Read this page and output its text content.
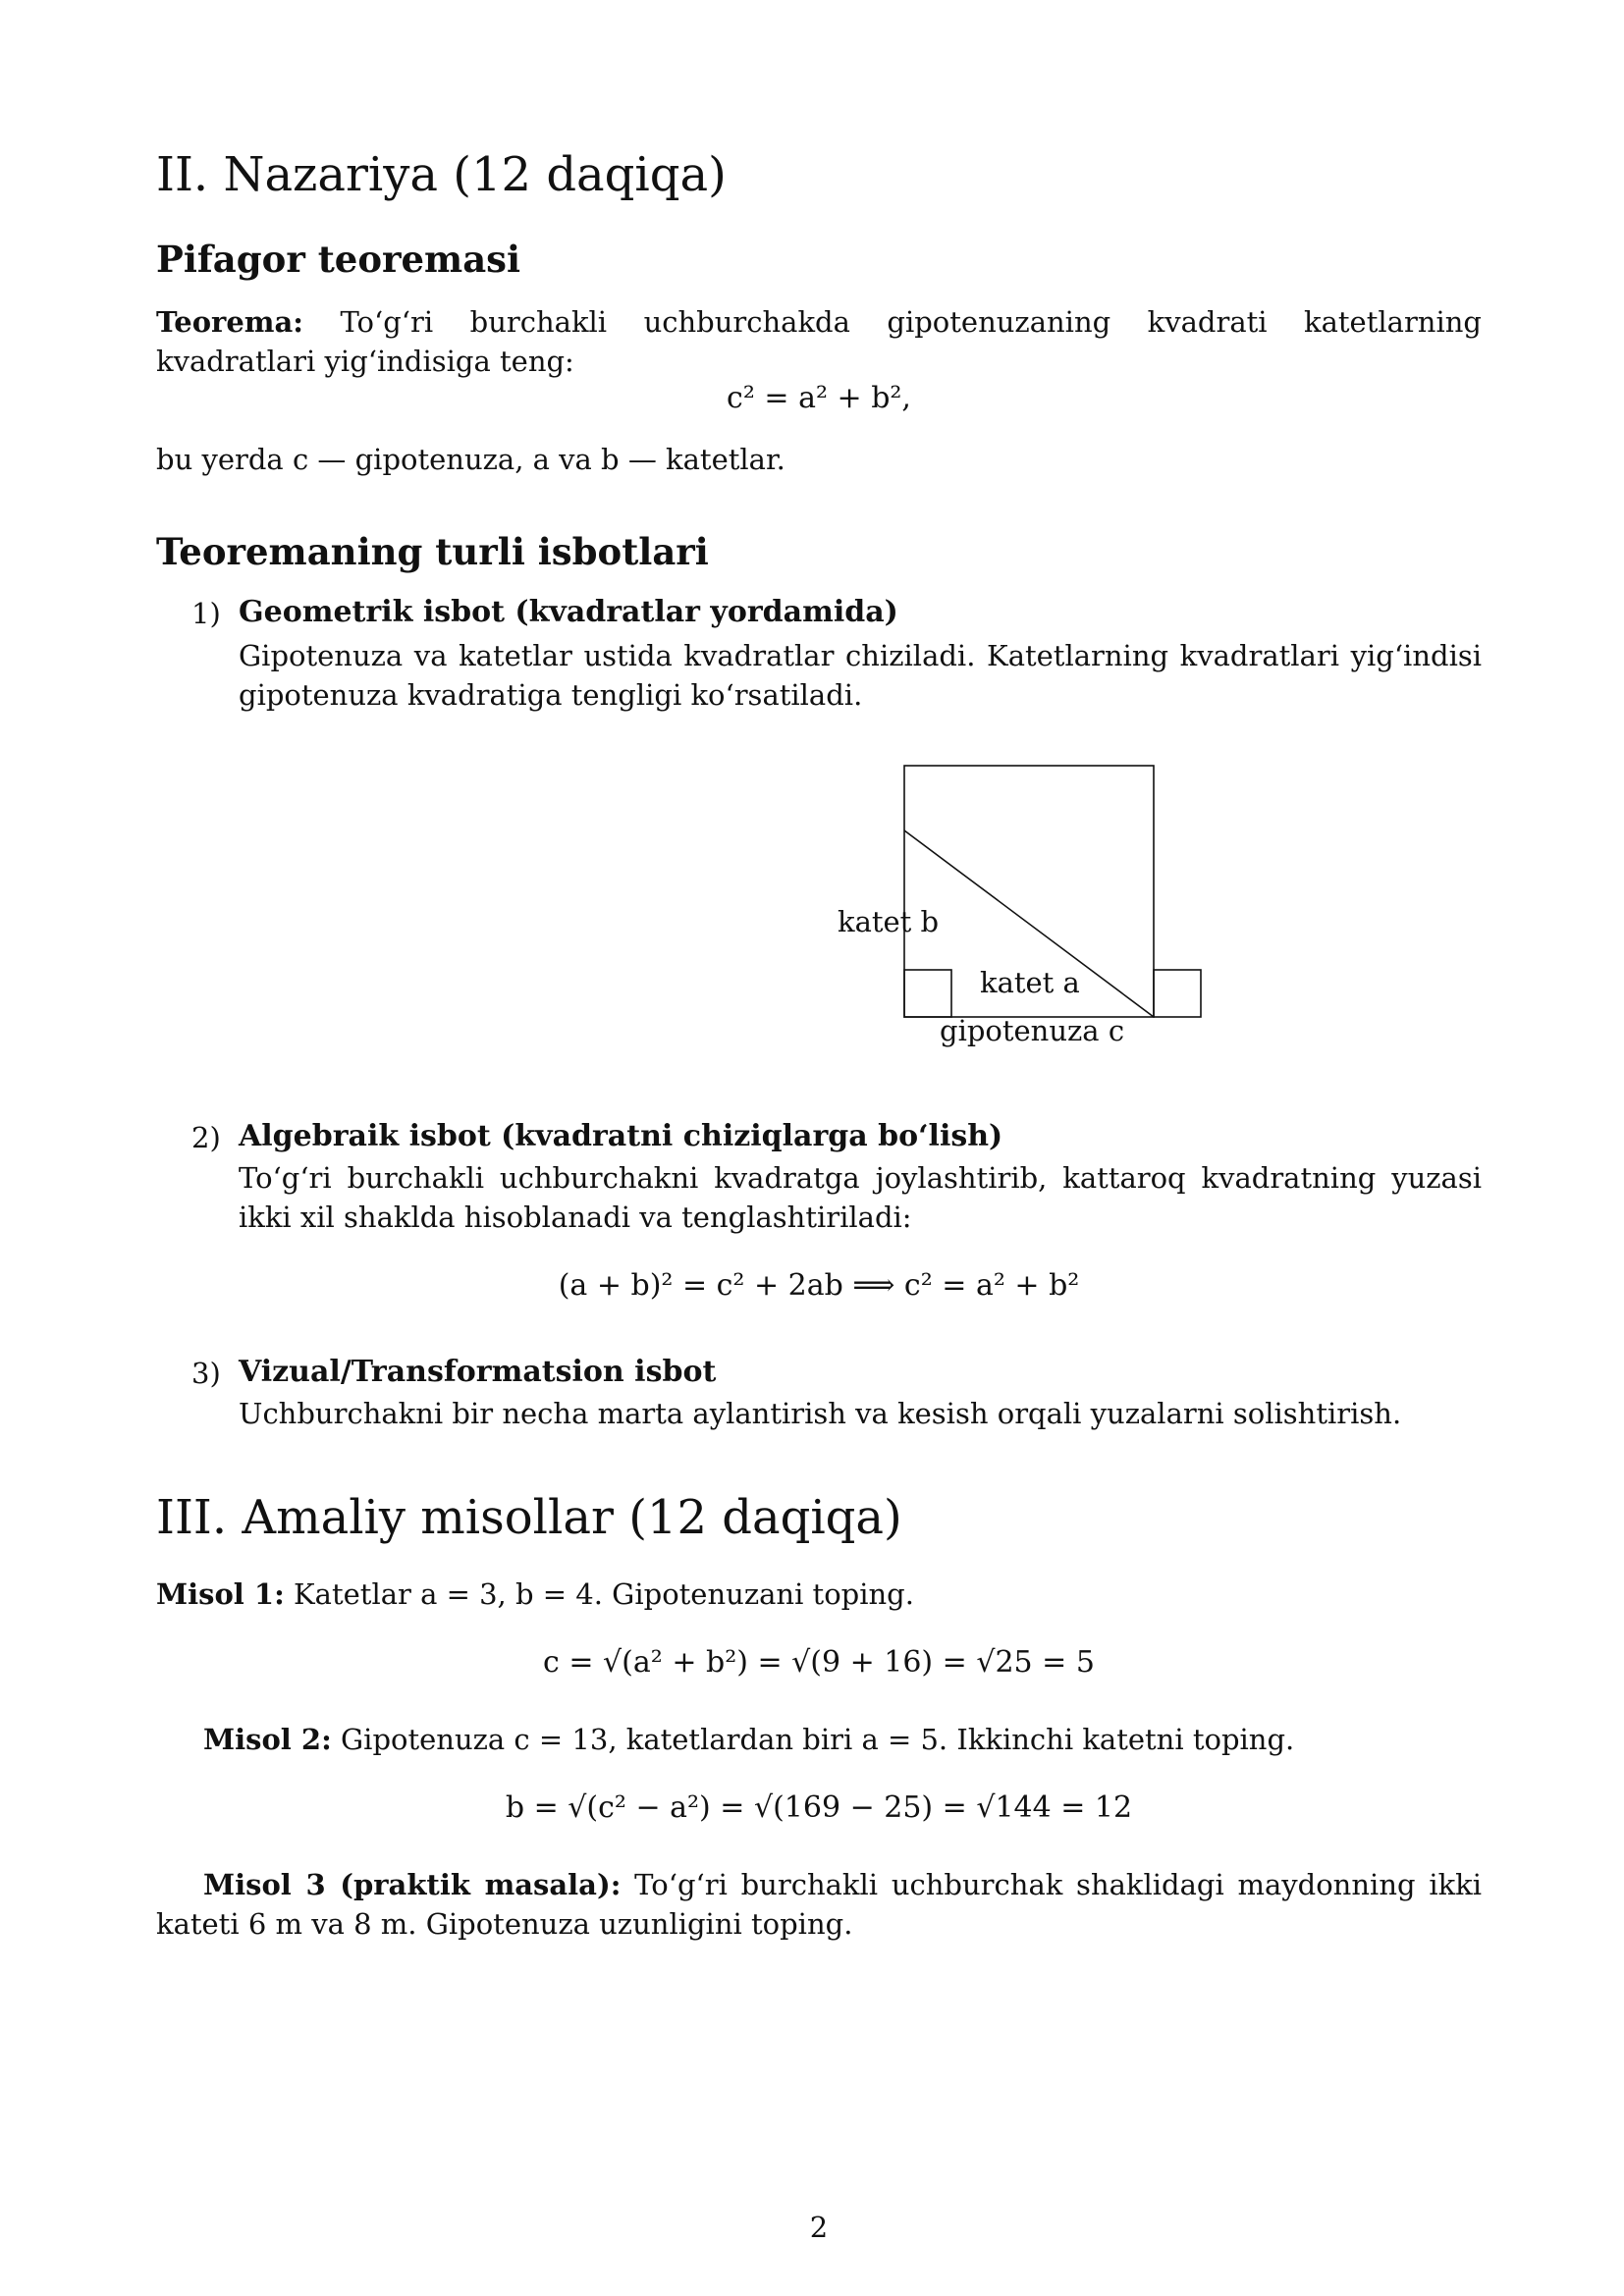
II. Nazariya (12 daqiqa)
Pifagor teoremasi
Teorema: To‘g‘ri burchakli uchburchakda gipotenuzaning kvadrati katetlarning kvadratlari yig‘indisiga teng:
c² = a² + b²,
bu yerda c — gipotenuza, a va b — katetlar.
Teoremaning turli isbotlari
1) Geometrik isbot (kvadratlar yordamida)
Gipotenuza va katetlar ustida kvadratlar chiziladi. Katetlarning kvadratlari yig‘indisi gipotenuza kvadratiga tengligi ko‘rsatiladi.
katet b
katet a
gipotenuza c
2) Algebraik isbot (kvadratni chiziqlarga bo‘lish)
To‘g‘ri burchakli uchburchakni kvadratga joylashtirib, kattaroq kvadratning yuzasi ikki xil shaklda hisoblanadi va tenglashtiriladi:
(a + b)² = c² + 2ab ⟹ c² = a² + b²
3) Vizual/Transformatsion isbot
Uchburchakni bir necha marta aylantirish va kesish orqali yuzalarni solishtirish.
III. Amaliy misollar (12 daqiqa)
Misol 1: Katetlar a = 3, b = 4. Gipotenuzani toping.
c = √(a² + b²) = √(9 + 16) = √25 = 5
Misol 2: Gipotenuza c = 13, katetlardan biri a = 5. Ikkinchi katetni toping.
b = √(c² − a²) = √(169 − 25) = √144 = 12
Misol 3 (praktik masala): To‘g‘ri burchakli uchburchak shaklidagi maydonning ikki kateti 6 m va 8 m. Gipotenuza uzunligini toping.
2
